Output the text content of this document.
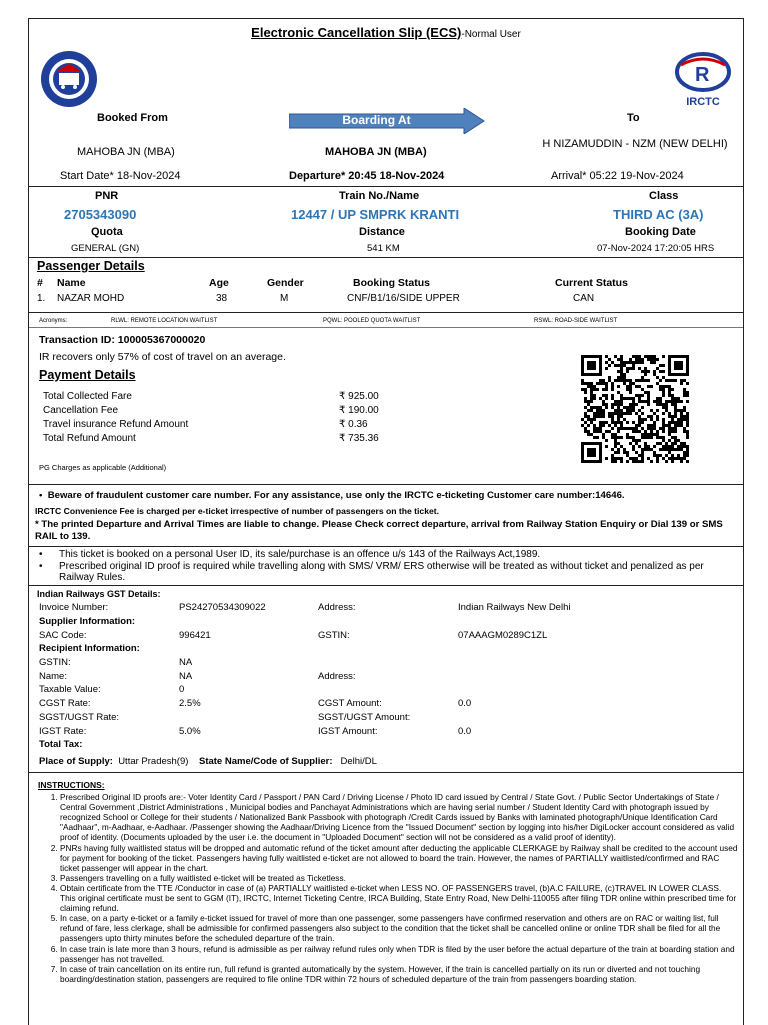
Electronic Cancellation Slip (ECS)-Normal User
R
IRCTC
Booked From	Boarding At	To
MAHOBA JN (MBA)	MAHOBA JN (MBA)
H NIZAMUDDIN - NZM (NEW DELHI)
Start Date* 18-Nov-2024	Departure* 20:45 18-Nov-2024	Arrival* 05:22 19-Nov-2024
PNR	Train No./Name	Class
2705343090	12447 / UP SMPRK KRANTI	THIRD AC (3A)
Quota	Distance	Booking Date
GENERAL (GN)	541 KM	07-Nov-2024 17:20:05 HRS
Passenger Details
# Name	Age	Gender	Booking Status	Current Status
1. NAZAR MOHD	38	M	CNF/B1/16/SIDE UPPER	CAN
Acronyms:	RLWL: REMOTE LOCATION WAITLIST	PQWL: POOLED QUOTA WAITLIST	RSWL: ROAD-SIDE WAITLIST
Transaction ID: 100005367000020
IR recovers only 57% of cost of travel on an average.
Payment Details
Total Collected Fare	₹ 925.00
Cancellation Fee	₹ 190.00
Travel insurance Refund Amount	₹ 0.36
Total Refund Amount	₹ 735.36
PG Charges as applicable (Additional)
•  Beware of fraudulent customer care number. For any assistance, use only the IRCTC e-ticketing Customer care number:14646.
IRCTC Convenience Fee is charged per e-ticket irrespective of number of passengers on the ticket.
* The printed Departure and Arrival Times are liable to change. Please Check correct departure, arrival from Railway Station Enquiry or Dial 139 or SMS RAIL to 139.
•	This ticket is booked on a personal User ID, its sale/purchase is an offence u/s 143 of the Railways Act,1989.
•	Prescribed original ID proof is required while travelling along with SMS/ VRM/ ERS otherwise will be treated as without ticket and penalized as per Railway Rules.
Indian Railways GST Details:
Invoice Number:	PS24270534309022	Address:	Indian Railways New Delhi
Supplier Information:			
SAC Code:	996421	GSTIN:	07AAAGM0289C1ZL
Recipient Information:			
GSTIN:	NA		
Name:	NA	Address:	
Taxable Value:	0		
CGST Rate:	2.5%	CGST Amount:	0.0
SGST/UGST Rate:		SGST/UGST Amount:	
IGST Rate:	5.0%	IGST Amount:	0.0
Total Tax:			
Place of Supply: Uttar Pradesh(9) State Name/Code of Supplier: Delhi/DL
INSTRUCTIONS:
1. Prescribed Original ID proofs are:- Voter Identity Card / Passport / PAN Card / Driving License / Photo ID card issued by Central / State Govt. / Public Sector Undertakings of State / Central Government ,District Administrations , Municipal bodies and Panchayat Administrations which are having serial number / Student Identity Card with photograph issued by recognized School or College for their students / Nationalized Bank Passbook with photograph /Credit Cards issued by Banks with laminated photograph/Unique Identification Card "Aadhaar", m-Aadhaar, e-Aadhaar. /Passenger showing the Aadhaar/Driving Licence from the "Issued Document" section by logging into his/her DigiLocker account considered as valid proof of identity. (Documents uploaded by the user i.e. the document in "Uploaded Document" section will not be considered as a valid proof of identity).
2. PNRs having fully waitlisted status will be dropped and automatic refund of the ticket amount after deducting the applicable CLERKAGE by Railway shall be credited to the account used for payment for booking of the ticket. Passengers having fully waitlisted e-ticket are not allowed to board the train. However, the names of PARTIALLY waitlisted/confirmed and RAC ticket passenger will appear in the chart.
3. Passengers travelling on a fully waitlisted e-ticket will be treated as Ticketless.
4. Obtain certificate from the TTE /Conductor in case of (a) PARTIALLY waitlisted e-ticket when LESS NO. OF PASSENGERS travel, (b)A.C FAILURE, (c)TRAVEL IN LOWER CLASS. This original certificate must be sent to GGM (IT), IRCTC, Internet Ticketing Centre, IRCA Building, State Entry Road, New Delhi-110055 after filing TDR online within prescribed time for claiming refund.
5. In case, on a party e-ticket or a family e-ticket issued for travel of more than one passenger, some passengers have confirmed reservation and others are on RAC or waiting list, full refund of fare, less clerkage, shall be admissible for confirmed passengers also subject to the condition that the ticket shall be cancelled online or online TDR shall be filed for all the passengers upto thirty minutes before the scheduled departure of the train.
6. In case train is late more than 3 hours, refund is admissible as per railway refund rules only when TDR is filed by the user before the actual departure of the train at boarding station and passenger has not travelled.
7. In case of train cancellation on its entire run, full refund is granted automatically by the system. However, if the train is cancelled partially on its run or diverted and not touching boarding/destination station, passengers are required to file online TDR within 72 hours of scheduled departure of the train from passengers boarding station.
